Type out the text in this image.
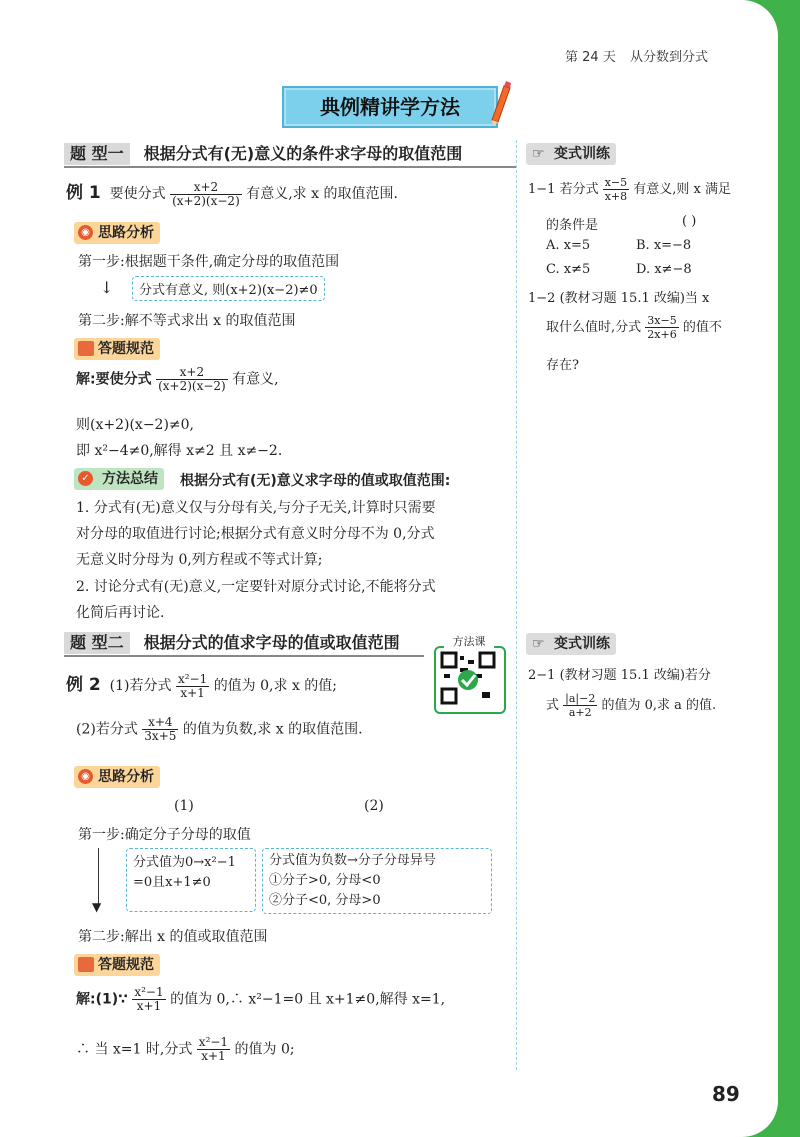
第 24 天 从分数到分式
典例精讲学方法
题 型一 根据分式有(无)意义的条件求字母的取值范围
例 1 要使分式 $\frac{x+2}{(x+2)(x-2)}$ 有意义,求 x 的取值范围.
◉ 思路分析
第一步:根据题干条件,确定分母的取值范围
↓	分式有意义, 则(x+2)(x−2)≠0
第二步:解不等式求出 x 的取值范围
答题规范
解:要使分式 $\frac{x+2}{(x+2)(x-2)}$ 有意义,
则(x+2)(x−2)≠0,
即 x²−4≠0,解得 x≠2 且 x≠−2.
✓ 方法总结	根据分式有(无)意义求字母的值或取值范围:
1. 分式有(无)意义仅与分母有关,与分子无关,计算时只需要
对分母的取值进行讨论;根据分式有意义时分母不为 0,分式
无意义时分母为 0,列方程或不等式计算;
2. 讨论分式有(无)意义,一定要针对原分式讨论,不能将分式
化简后再讨论.
题 型二 根据分式的值求字母的值或取值范围	方法课
例 2 (1)若分式 $\frac{\text{x²−1}}{x+1}$ 的值为 0,求 x 的值;
(2)若分式 $\frac{x+4}{3x+5}$ 的值为负数,求 x 的取值范围.
◉ 思路分析
(1)	(2)
第一步:确定分子分母的取值
▼
分式值为0→x²−1
=0且x+1≠0
分式值为负数→分子分母异号
①分子>0, 分母<0
②分子<0, 分母>0
第二步:解出 x 的值或取值范围
答题规范
解:(1)∵ $\frac{\text{x²−1}}{x+1}$ 的值为 0,∴ x²−1=0 且 x+1≠0,解得 x=1,
∴ 当 x=1 时,分式 $\frac{\text{x²−1}}{x+1}$ 的值为 0;
☞ 变式训练
1−1 若分式 $\frac{x-5}{x+8}$ 有意义,则 x 满足
的条件是	( )
A. x=5	B. x=−8
C. x≠5	D. x≠−8
1−2 (教材习题 15.1 改编)当 x
取什么值时,分式 $\frac{3x-5}{2x+6}$ 的值不
存在?
☞ 变式训练
2−1 (教材习题 15.1 改编)若分
式 $\frac{|a|-2}{a+2}$ 的值为 0,求 a 的值.
89
